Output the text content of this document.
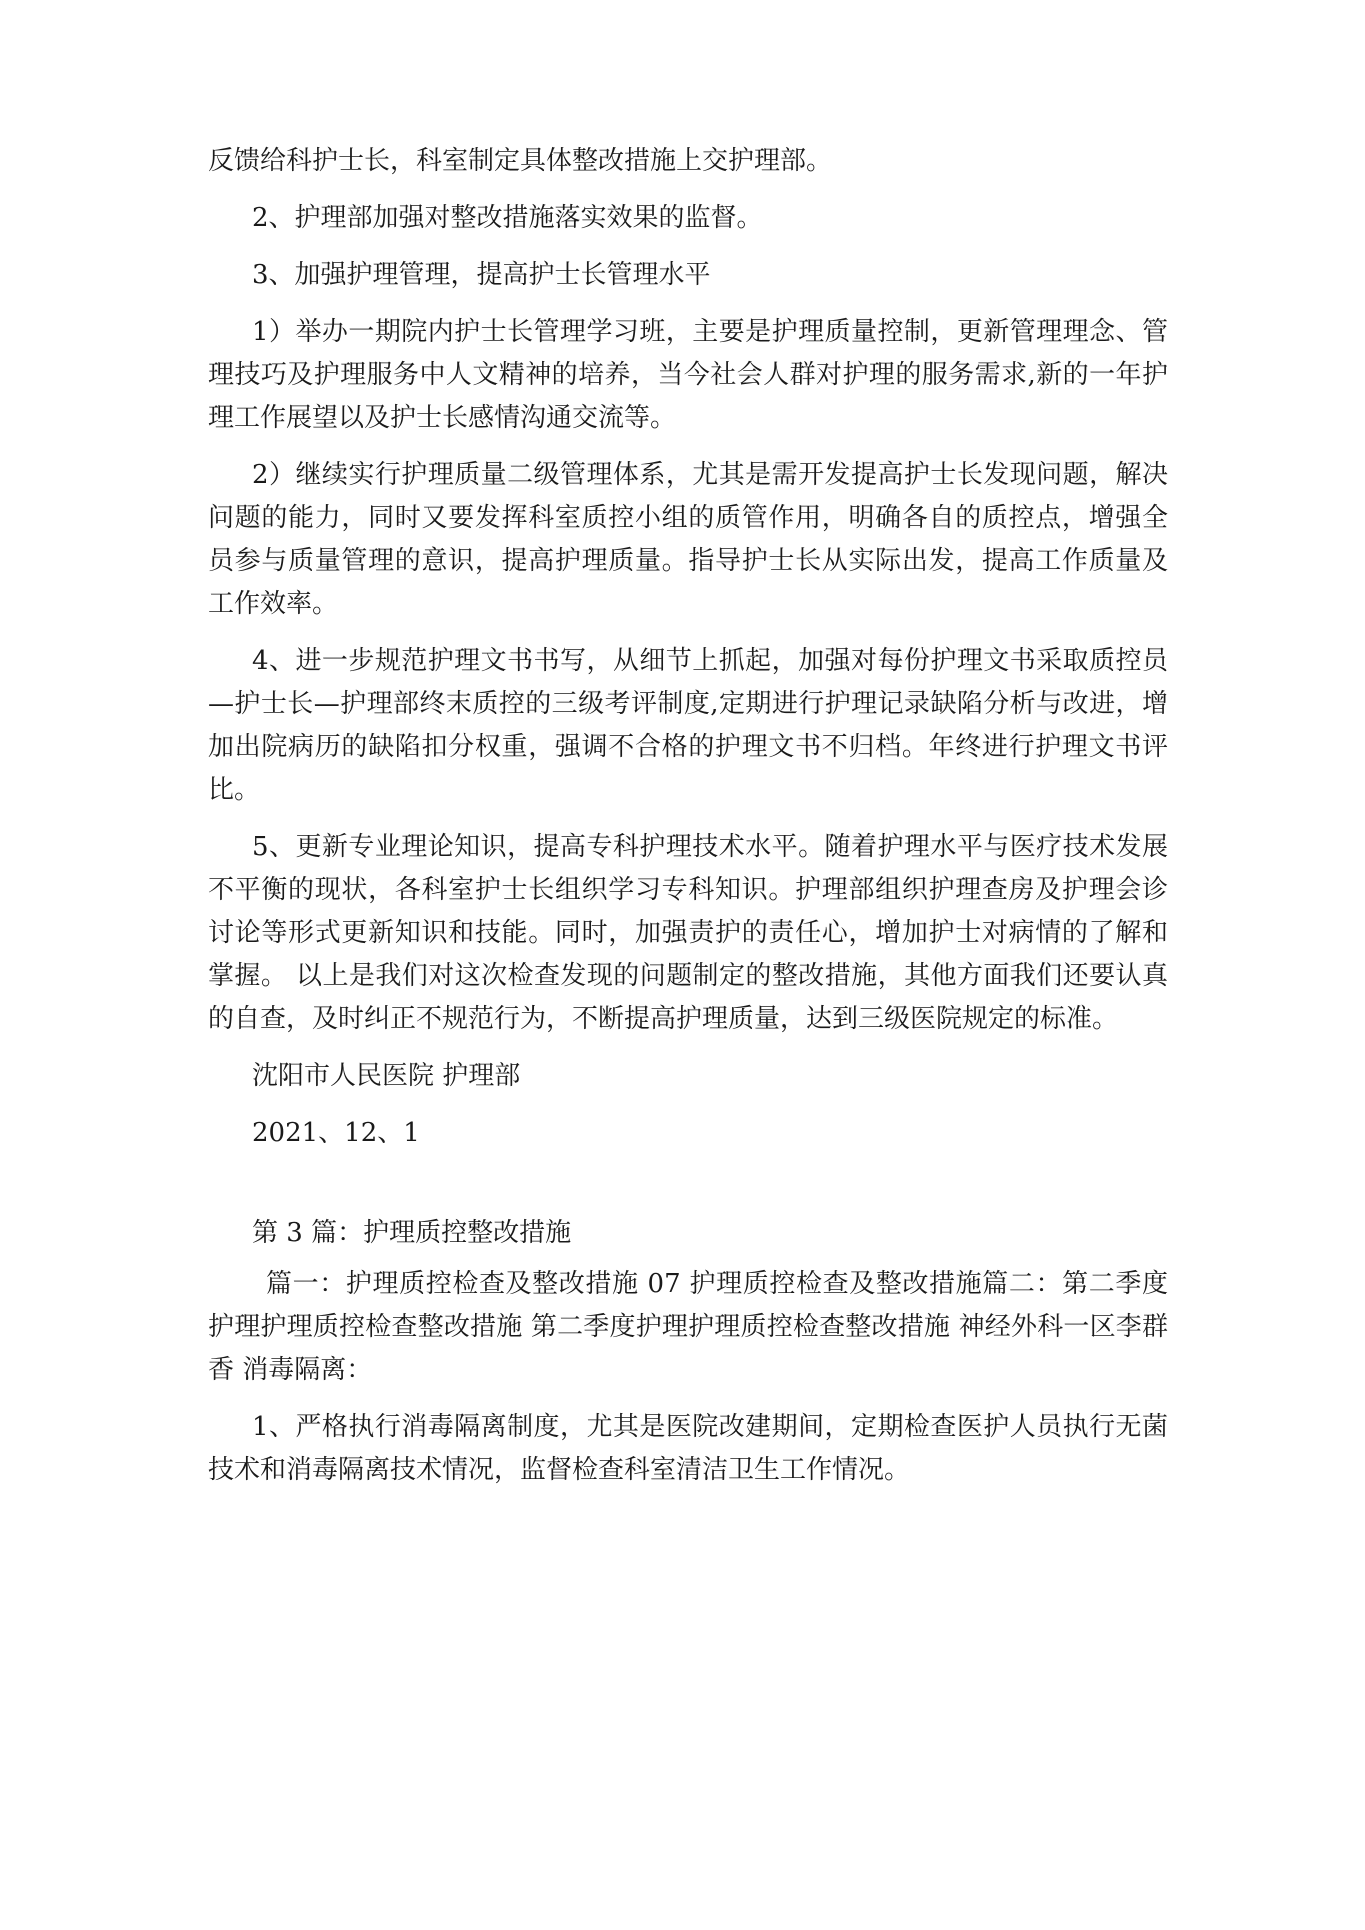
反馈给科护士长，科室制定具体整改措施上交护理部。

2、护理部加强对整改措施落实效果的监督。

3、加强护理管理，提高护士长管理水平

1）举办一期院内护士长管理学习班，主要是护理质量控制，更新管理理念、管理技巧及护理服务中人文精神的培养，当今社会人群对护理的服务需求,新的一年护理工作展望以及护士长感情沟通交流等。

2）继续实行护理质量二级管理体系，尤其是需开发提高护士长发现问题，解决问题的能力，同时又要发挥科室质控小组的质管作用，明确各自的质控点，增强全员参与质量管理的意识，提高护理质量。指导护士长从实际出发，提高工作质量及工作效率。

4、进一步规范护理文书书写，从细节上抓起，加强对每份护理文书采取质控员—护士长—护理部终末质控的三级考评制度,定期进行护理记录缺陷分析与改进，增加出院病历的缺陷扣分权重，强调不合格的护理文书不归档。年终进行护理文书评比。

5、更新专业理论知识，提高专科护理技术水平。随着护理水平与医疗技术发展不平衡的现状，各科室护士长组织学习专科知识。护理部组织护理查房及护理会诊讨论等形式更新知识和技能。同时，加强责护的责任心，增加护士对病情的了解和掌握。 以上是我们对这次检查发现的问题制定的整改措施，其他方面我们还要认真的自查，及时纠正不规范行为，不断提高护理质量，达到三级医院规定的标准。

沈阳市人民医院 护理部

2021、12、1

第 3 篇：护理质控整改措施

篇一：护理质控检查及整改措施 07 护理质控检查及整改措施篇二：第二季度护理护理质控检查整改措施 第二季度护理护理质控检查整改措施 神经外科一区李群香 消毒隔离：

1、严格执行消毒隔离制度，尤其是医院改建期间，定期检查医护人员执行无菌技术和消毒隔离技术情况，监督检查科室清洁卫生工作情况。
